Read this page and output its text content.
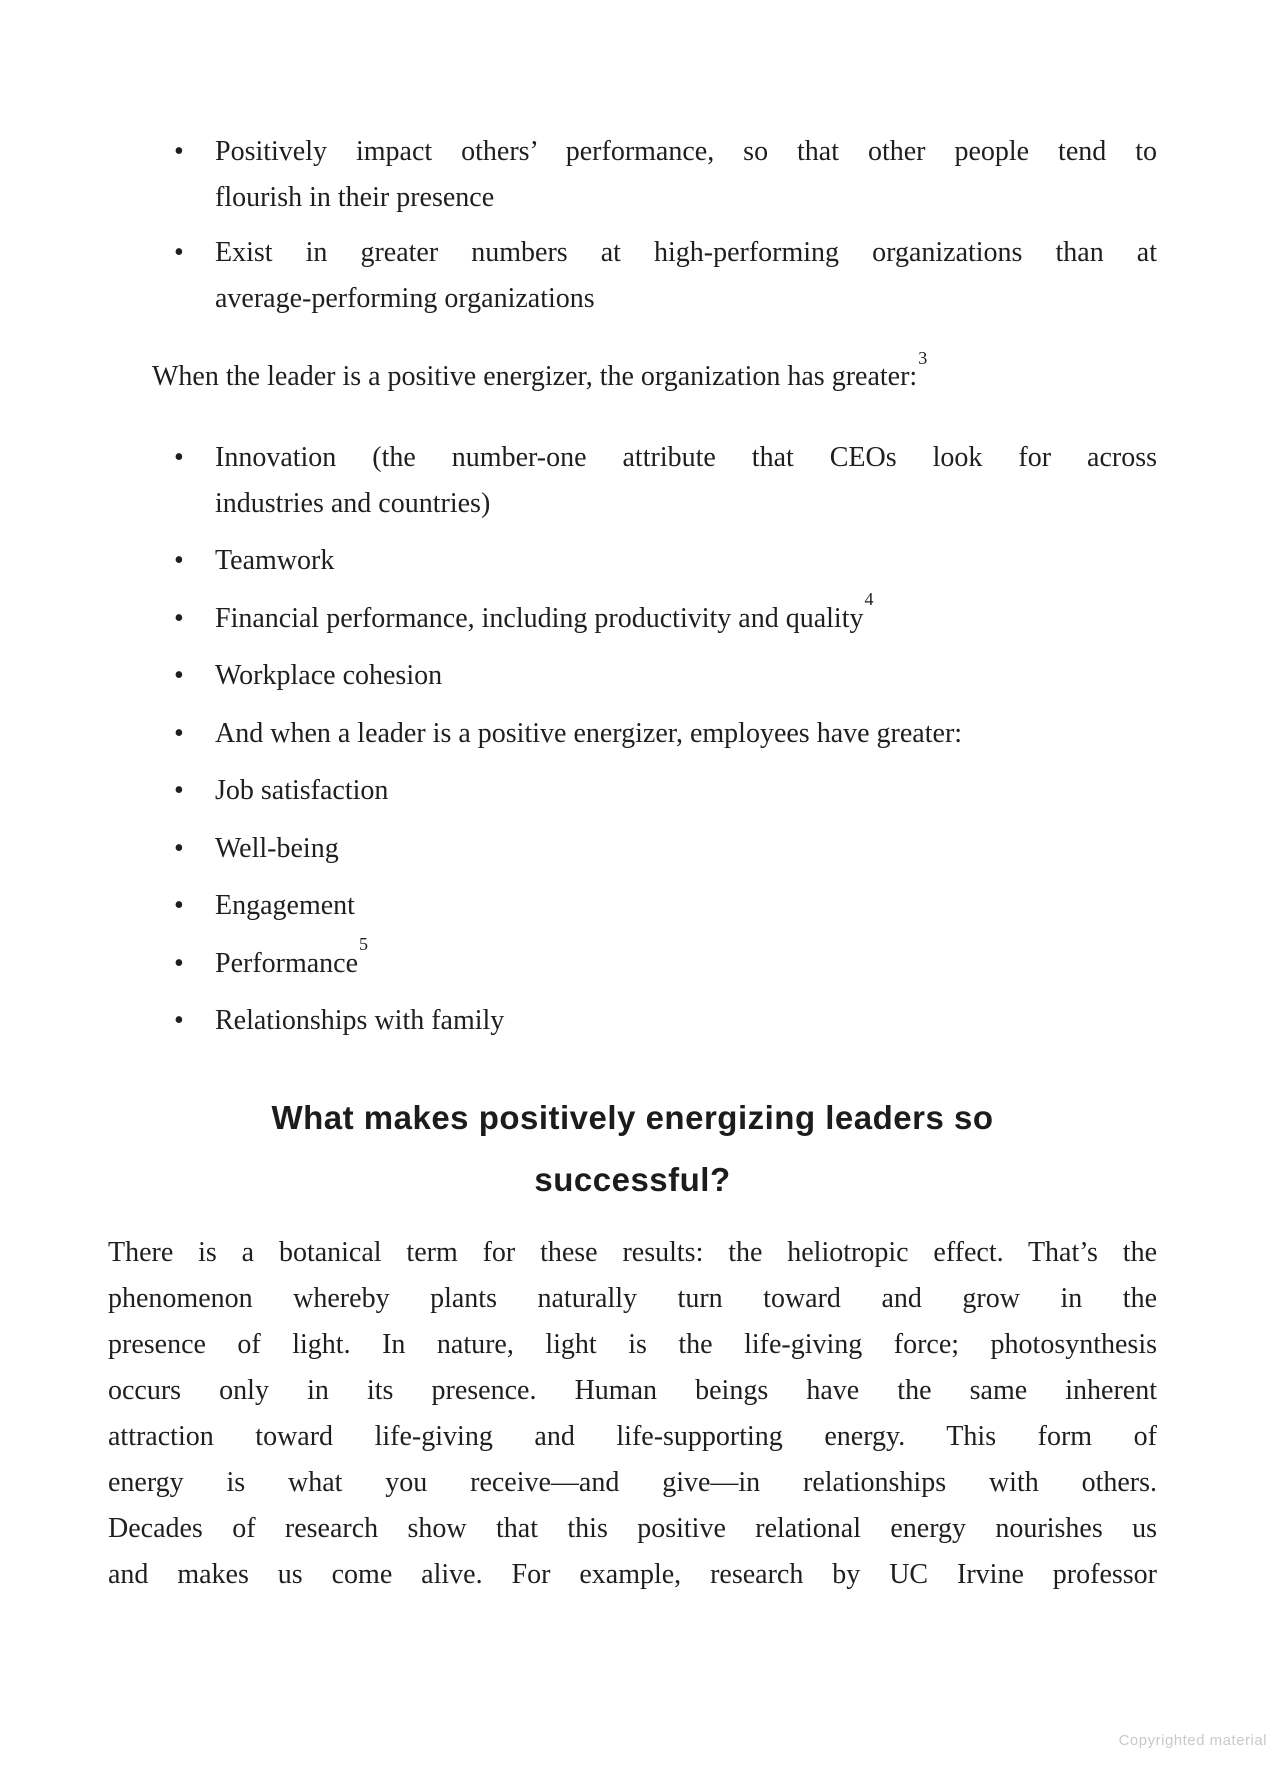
• Positively impact others’ performance, so that other people tend to
flourish in their presence
• Exist in greater numbers at high-performing organizations than at
average-performing organizations

When the leader is a positive energizer, the organization has greater:$^3$

• Innovation (the number-one attribute that CEOs look for across
industries and countries)
• Teamwork
• Financial performance, including productivity and quality$^4$
• Workplace cohesion
• And when a leader is a positive energizer, employees have greater:
• Job satisfaction
• Well-being
• Engagement
• Performance$^5$
• Relationships with family
What makes positively energizing leaders so
successful?
There is a botanical term for these results: the heliotropic effect. That’s the
phenomenon whereby plants naturally turn toward and grow in the
presence of light. In nature, light is the life-giving force; photosynthesis
occurs only in its presence. Human beings have the same inherent
attraction toward life-giving and life-supporting energy. This form of
energy is what you receive—and give—in relationships with others.
Decades of research show that this positive relational energy nourishes us
and makes us come alive. For example, research by UC Irvine professor
Copyrighted material
